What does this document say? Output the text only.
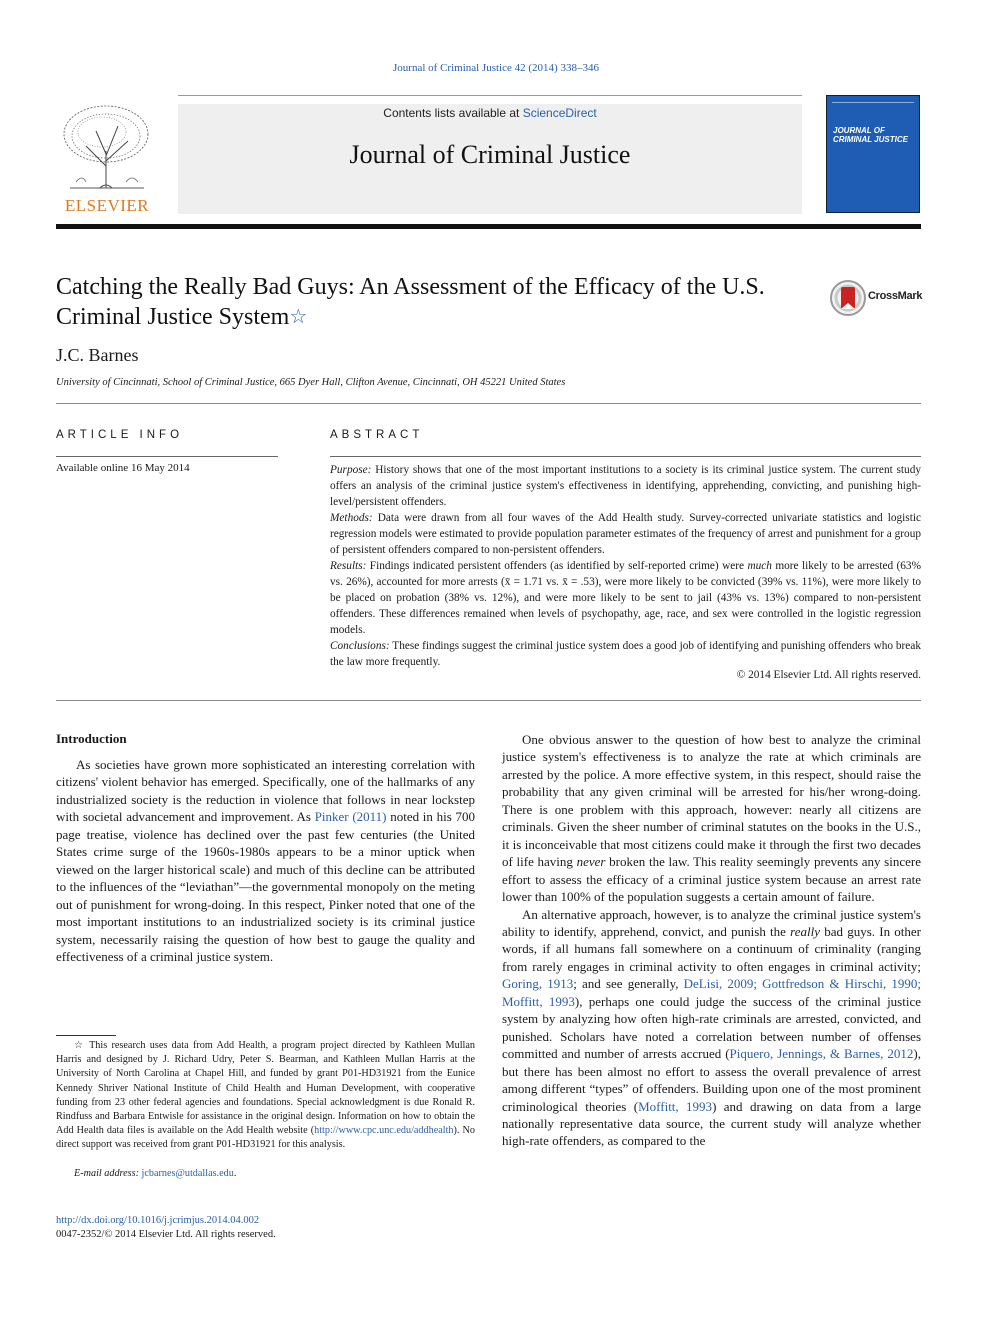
Journal of Criminal Justice 42 (2014) 338–346
ELSEVIER
Contents lists available at ScienceDirect
Journal of Criminal Justice
JOURNAL OF CRIMINAL JUSTICE
Catching the Really Bad Guys: An Assessment of the Efficacy of the U.S. Criminal Justice System☆
CrossMark
J.C. Barnes
University of Cincinnati, School of Criminal Justice, 665 Dyer Hall, Clifton Avenue, Cincinnati, OH 45221 United States
ARTICLE INFO	ABSTRACT
Available online 16 May 2014	Purpose: History shows that one of the most important institutions to a society is its criminal justice system. The current study offers an analysis of the criminal justice system's effectiveness in identifying, apprehending, convicting, and punishing high-level/persistent offenders.

Methods: Data were drawn from all four waves of the Add Health study. Survey-corrected univariate statistics and logistic regression models were estimated to provide population parameter estimates of the frequency of arrest and punishment for a group of persistent offenders compared to non-persistent offenders.

Results: Findings indicated persistent offenders (as identified by self-reported crime) were much more likely to be arrested (63% vs. 26%), accounted for more arrests (x̄ = 1.71 vs. x̄ = .53), were more likely to be convicted (39% vs. 11%), were more likely to be placed on probation (38% vs. 12%), and were more likely to be sent to jail (43% vs. 13%) compared to non-persistent offenders. These differences remained when levels of psychopathy, age, race, and sex were controlled in the logistic regression models.

Conclusions: These findings suggest the criminal justice system does a good job of identifying and punishing offenders who break the law more frequently.

© 2014 Elsevier Ltd. All rights reserved.
Introduction

As societies have grown more sophisticated an interesting correlation with citizens' violent behavior has emerged. Specifically, one of the hallmarks of any industrialized society is the reduction in violence that follows in near lockstep with societal advancement and improvement. As Pinker (2011) noted in his 700 page treatise, violence has declined over the past few centuries (the United States crime surge of the 1960s-1980s appears to be a minor uptick when viewed on the larger historical scale) and much of this decline can be attributed to the influences of the “leviathan”—the governmental monopoly on the meting out of punishment for wrong-doing. In this respect, Pinker noted that one of the most important institutions to an industrialized society is its criminal justice system, necessarily raising the question of how best to gauge the quality and effectiveness of a criminal justice system.

☆ This research uses data from Add Health, a program project directed by Kathleen Mullan Harris and designed by J. Richard Udry, Peter S. Bearman, and Kathleen Mullan Harris at the University of North Carolina at Chapel Hill, and funded by grant P01-HD31921 from the Eunice Kennedy Shriver National Institute of Child Health and Human Development, with cooperative funding from 23 other federal agencies and foundations. Special acknowledgment is due Ronald R. Rindfuss and Barbara Entwisle for assistance in the original design. Information on how to obtain the Add Health data files is available on the Add Health website (http://www.cpc.unc.edu/addhealth). No direct support was received from grant P01-HD31921 for this analysis.

E-mail address: jcbarnes@utdallas.edu.

One obvious answer to the question of how best to analyze the criminal justice system's effectiveness is to analyze the rate at which criminals are arrested by the police. A more effective system, in this respect, should raise the probability that any given criminal will be arrested for his/her wrong-doing. There is one problem with this approach, however: nearly all citizens are criminals. Given the sheer number of criminal statutes on the books in the U.S., it is inconceivable that most citizens could make it through the first two decades of life having never broken the law. This reality seemingly prevents any sincere effort to assess the efficacy of a criminal justice system because an arrest rate lower than 100% of the population suggests a certain amount of failure.

An alternative approach, however, is to analyze the criminal justice system's ability to identify, apprehend, convict, and punish the really bad guys. In other words, if all humans fall somewhere on a continuum of criminality (ranging from rarely engages in criminal activity to often engages in criminal activity; Goring, 1913; and see generally, DeLisi, 2009; Gottfredson & Hirschi, 1990; Moffitt, 1993), perhaps one could judge the success of the criminal justice system by analyzing how often high-rate criminals are arrested, convicted, and punished. Scholars have noted a correlation between number of offenses committed and number of arrests accrued (Piquero, Jennings, & Barnes, 2012), but there has been almost no effort to assess the overall prevalence of arrest among different “types” of offenders. Building upon one of the most prominent criminological theories (Moffitt, 1993) and drawing on data from a large nationally representative data source, the current study will analyze whether high-rate offenders, as compared to the

http://dx.doi.org/10.1016/j.jcrimjus.2014.04.002
0047-2352/© 2014 Elsevier Ltd. All rights reserved.
